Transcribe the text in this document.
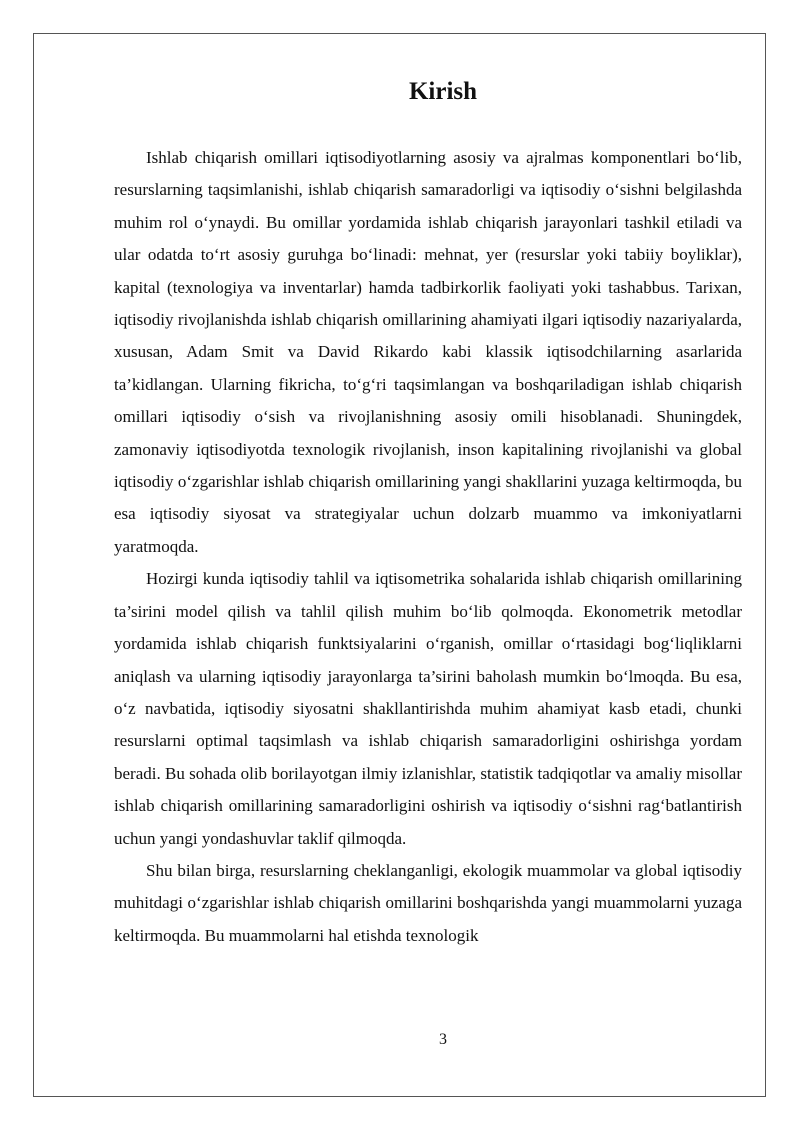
Kirish

Ishlab chiqarish omillari iqtisodiyotlarning asosiy va ajralmas komponentlari bo‘lib, resurslarning taqsimlanishi, ishlab chiqarish samaradorligi va iqtisodiy o‘sishni belgilashda muhim rol o‘ynaydi. Bu omillar yordamida ishlab chiqarish jarayonlari tashkil etiladi va ular odatda to‘rt asosiy guruhga bo‘linadi: mehnat, yer (resurslar yoki tabiiy boyliklar), kapital (texnologiya va inventarlar) hamda tadbirkorlik faoliyati yoki tashabbus. Tarixan, iqtisodiy rivojlanishda ishlab chiqarish omillarining ahamiyati ilgari iqtisodiy nazariyalarda, xususan, Adam Smit va David Rikardo kabi klassik iqtisodchilarning asarlarida ta’kidlangan. Ularning fikricha, to‘g‘ri taqsimlangan va boshqariladigan ishlab chiqarish omillari iqtisodiy o‘sish va rivojlanishning asosiy omili hisoblanadi. Shuningdek, zamonaviy iqtisodiyotda texnologik rivojlanish, inson kapitalining rivojlanishi va global iqtisodiy o‘zgarishlar ishlab chiqarish omillarining yangi shakllarini yuzaga keltirmoqda, bu esa iqtisodiy siyosat va strategiyalar uchun dolzarb muammo va imkoniyatlarni yaratmoqda.

Hozirgi kunda iqtisodiy tahlil va iqtisometrika sohalarida ishlab chiqarish omillarining ta’sirini model qilish va tahlil qilish muhim bo‘lib qolmoqda. Ekonometrik metodlar yordamida ishlab chiqarish funktsiyalarini o‘rganish, omillar o‘rtasidagi bog‘liqliklarni aniqlash va ularning iqtisodiy jarayonlarga ta’sirini baholash mumkin bo‘lmoqda. Bu esa, o‘z navbatida, iqtisodiy siyosatni shakllantirishda muhim ahamiyat kasb etadi, chunki resurslarni optimal taqsimlash va ishlab chiqarish samaradorligini oshirishga yordam beradi. Bu sohada olib borilayotgan ilmiy izlanishlar, statistik tadqiqotlar va amaliy misollar ishlab chiqarish omillarining samaradorligini oshirish va iqtisodiy o‘sishni rag‘batlantirish uchun yangi yondashuvlar taklif qilmoqda.

Shu bilan birga, resurslarning cheklanganligi, ekologik muammolar va global iqtisodiy muhitdagi o‘zgarishlar ishlab chiqarish omillarini boshqarishda yangi muammolarni yuzaga keltirmoqda. Bu muammolarni hal etishda texnologik

3
